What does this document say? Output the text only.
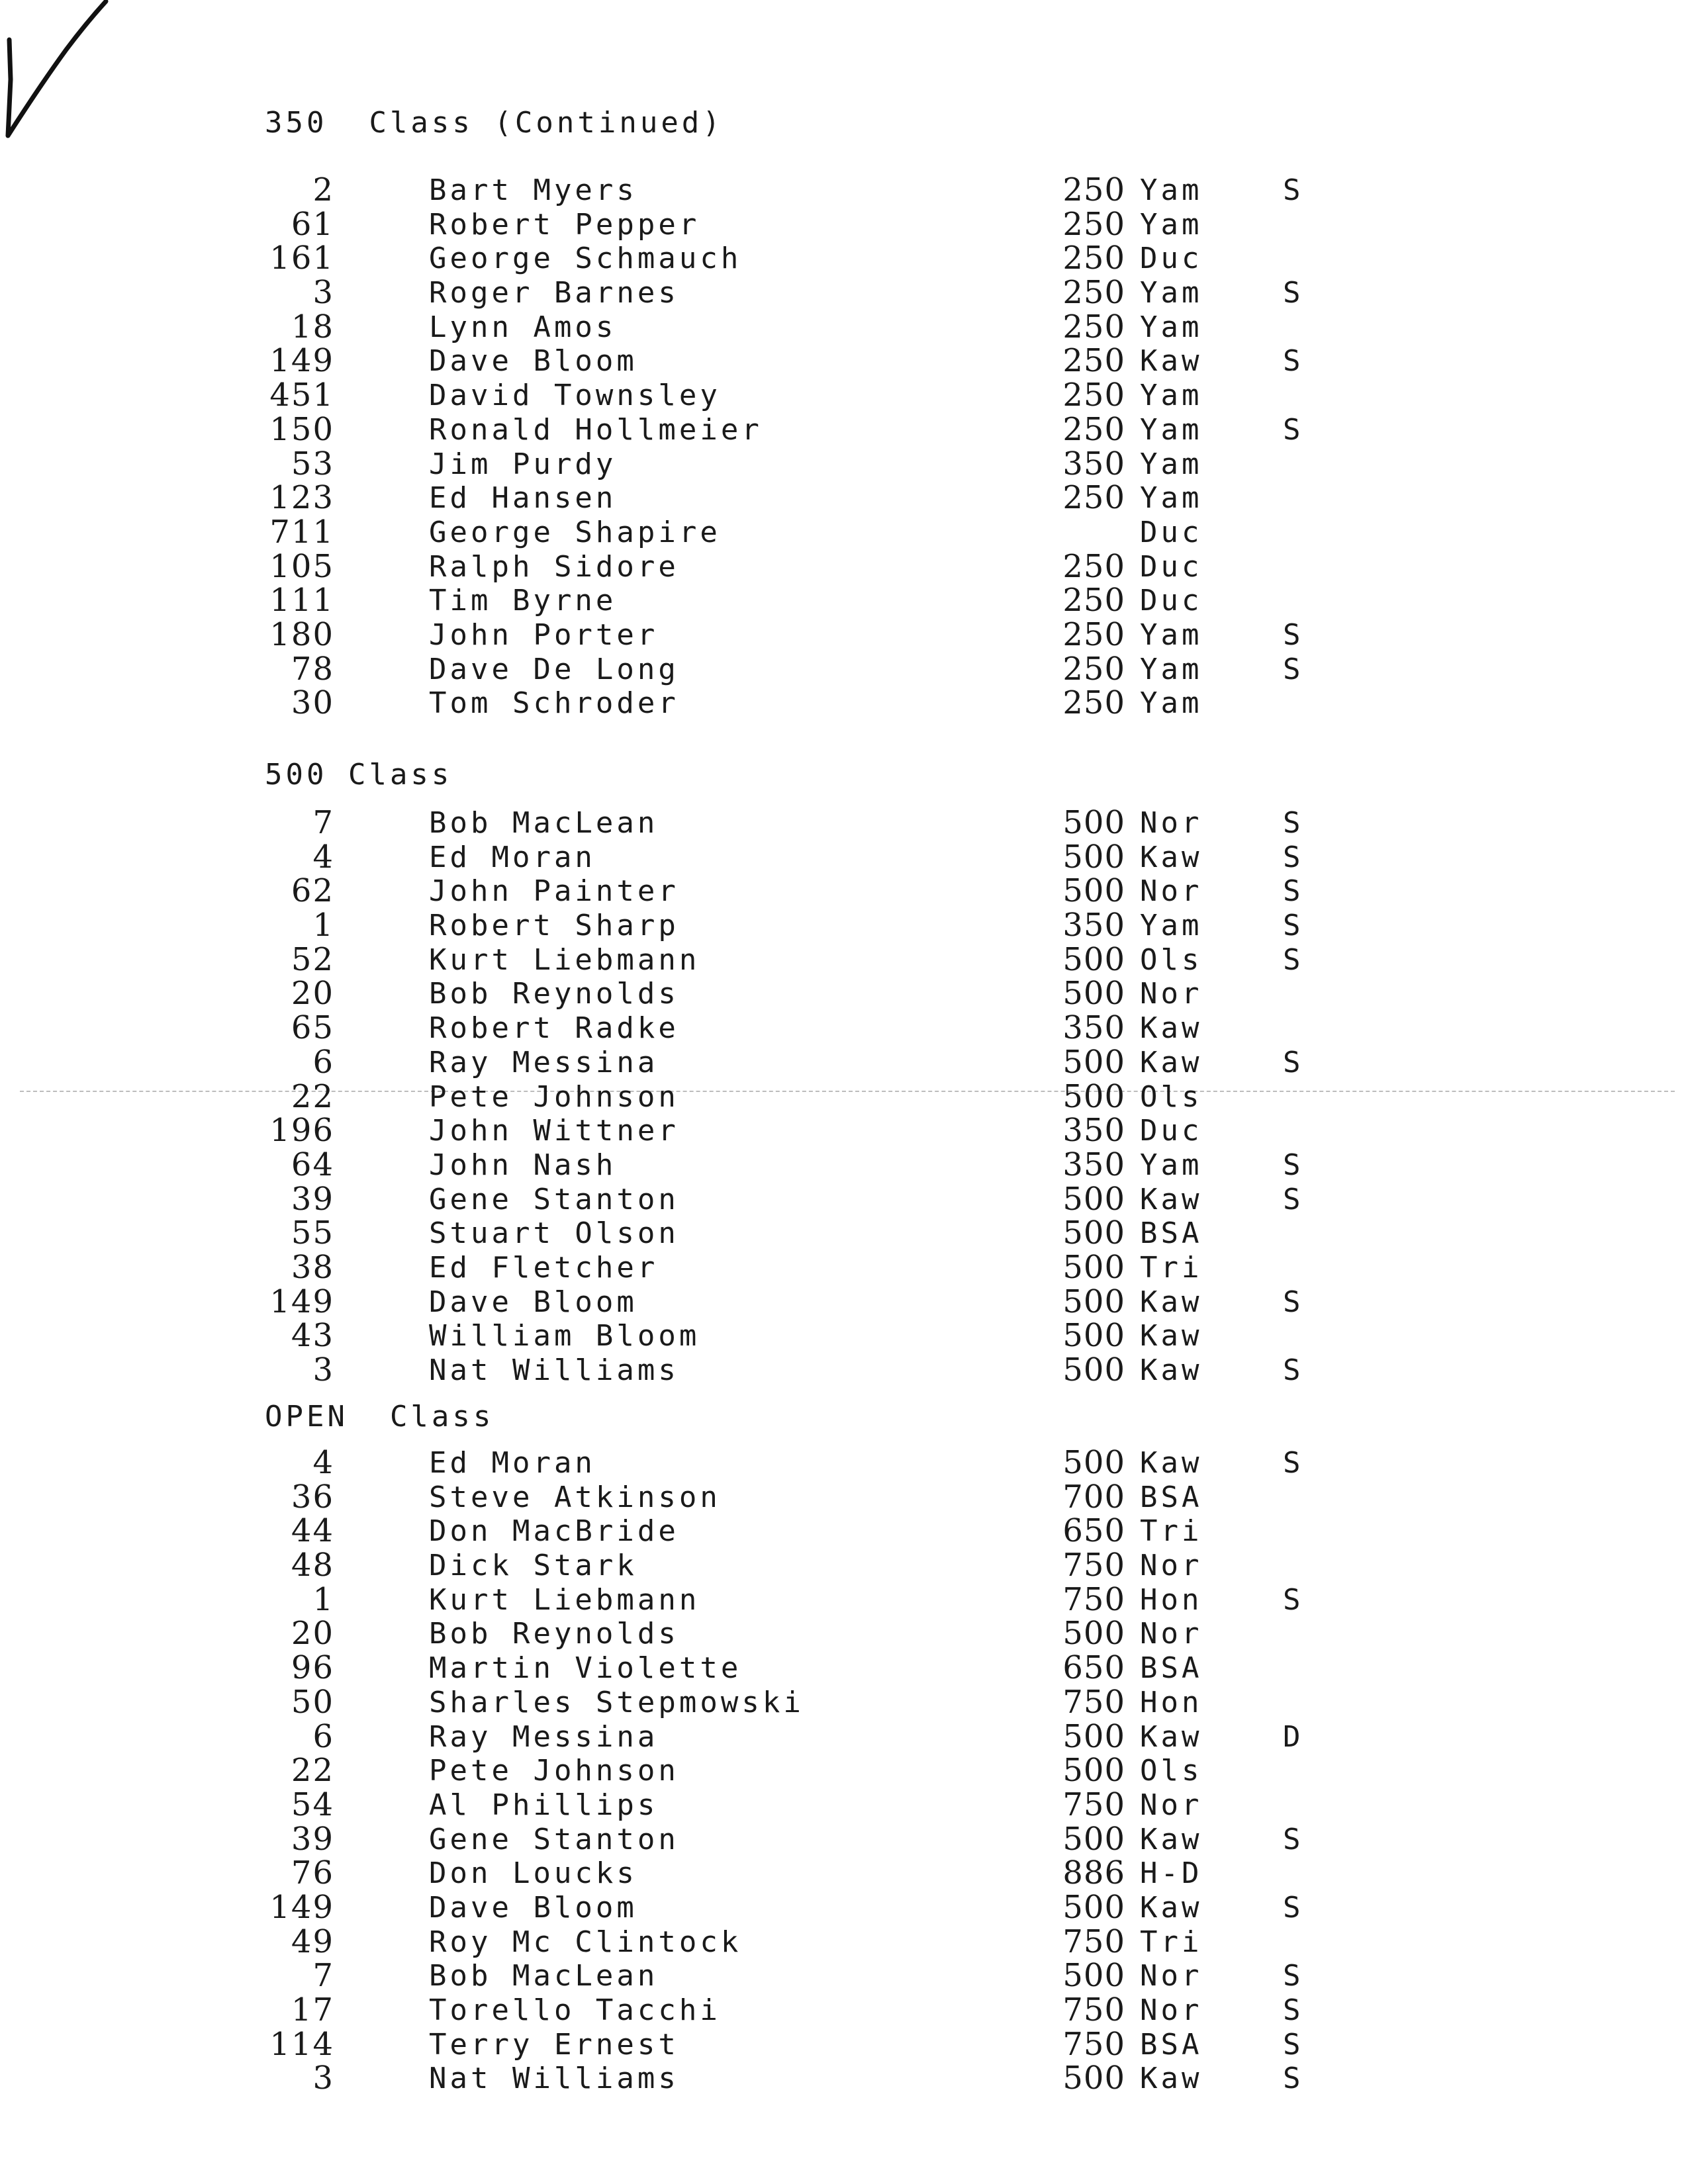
350  Class (Continued)
2	Bart Myers	250 Yam	S
61	Robert Pepper	250 Yam
161	George Schmauch	250 Duc
3	Roger Barnes	250 Yam	S
18	Lynn Amos	250 Yam
149	Dave Bloom	250 Kaw	S
451	David Townsley	250 Yam
150	Ronald Hollmeier	250 Yam	S
53	Jim Purdy	350 Yam
123	Ed Hansen	250 Yam
711	George Shapire	Duc
105	Ralph Sidore	250 Duc
111	Tim Byrne	250 Duc
180	John Porter	250 Yam	S
78	Dave De Long	250 Yam	S
30	Tom Schroder	250 Yam
500 Class
7	Bob MacLean	500 Nor	S
4	Ed Moran	500 Kaw	S
62	John Painter	500 Nor	S
1	Robert Sharp	350 Yam	S
52	Kurt Liebmann	500 Ols	S
20	Bob Reynolds	500 Nor
65	Robert Radke	350 Kaw
6	Ray Messina	500 Kaw	S
22	Pete Johnson	500 Ols
196	John Wittner	350 Duc
64	John Nash	350 Yam	S
39	Gene Stanton	500 Kaw	S
55	Stuart Olson	500 BSA
38	Ed Fletcher	500 Tri
149	Dave Bloom	500 Kaw	S
43	William Bloom	500 Kaw
3	Nat Williams	500 Kaw	S
OPEN  Class
4	Ed Moran	500 Kaw	S
36	Steve Atkinson	700 BSA
44	Don MacBride	650 Tri
48	Dick Stark	750 Nor
1	Kurt Liebmann	750 Hon	S
20	Bob Reynolds	500 Nor
96	Martin Violette	650 BSA
50	Sharles Stepmowski	750 Hon
6	Ray Messina	500 Kaw	D
22	Pete Johnson	500 Ols
54	Al Phillips	750 Nor
39	Gene Stanton	500 Kaw	S
76	Don Loucks	886 H-D
149	Dave Bloom	500 Kaw	S
49	Roy Mc Clintock	750 Tri
7	Bob MacLean	500 Nor	S
17	Torello Tacchi	750 Nor	S
114	Terry Ernest	750 BSA	S
3	Nat Williams	500 Kaw	S
